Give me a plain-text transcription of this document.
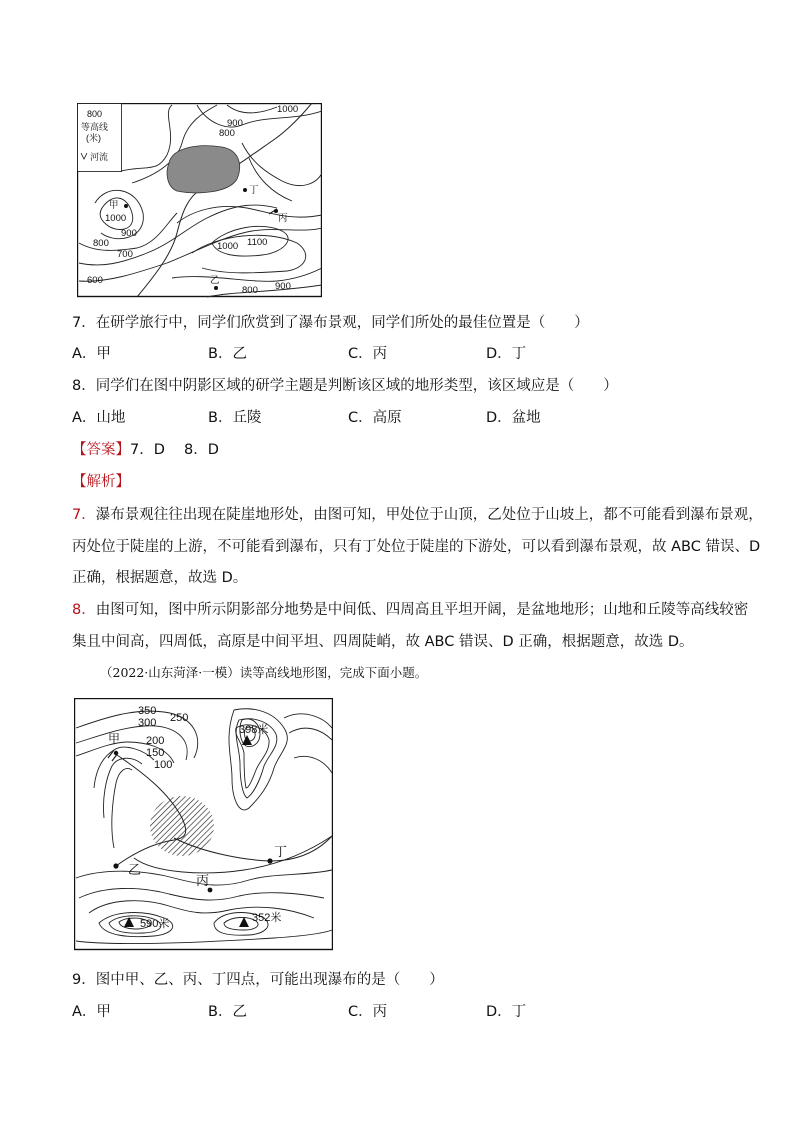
800
等高线
(米)
河流
1000
900
800
甲
1000
900
800
700
600
丁
丙
1000 1100
乙
800 900
7．在研学旅行中，同学们欣赏到了瀑布景观，同学们所处的最佳位置是（　　）
A．甲	B．乙	C．丙	D．丁
8．同学们在图中阴影区域的研学主题是判断该区域的地形类型，该区域应是（　　）
A．山地	B．丘陵	C．高原	D．盆地
【答案】7．D　 8．D
【解析】
7．瀑布景观往往出现在陡崖地形处，由图可知，甲处位于山顶，乙处位于山坡上，都不可能看到瀑布景观，
丙处位于陡崖的上游，不可能看到瀑布，只有丁处位于陡崖的下游处，可以看到瀑布景观，故 ABC 错误、D
正确，根据题意，故选 D。
8．由图可知，图中所示阴影部分地势是中间低、四周高且平坦开阔，是盆地地形；山地和丘陵等高线较密
集且中间高，四周低，高原是中间平坦、四周陡峭，故 ABC 错误、D 正确，根据题意，故选 D。
（2022·山东菏泽·一模）读等高线地形图，完成下面小题。
350
300 250
甲 200
150
100
398米
丁
乙
丙
590米	352米
9．图中甲、乙、丙、丁四点，可能出现瀑布的是（　　）
A．甲	B．乙	C．丙	D．丁
